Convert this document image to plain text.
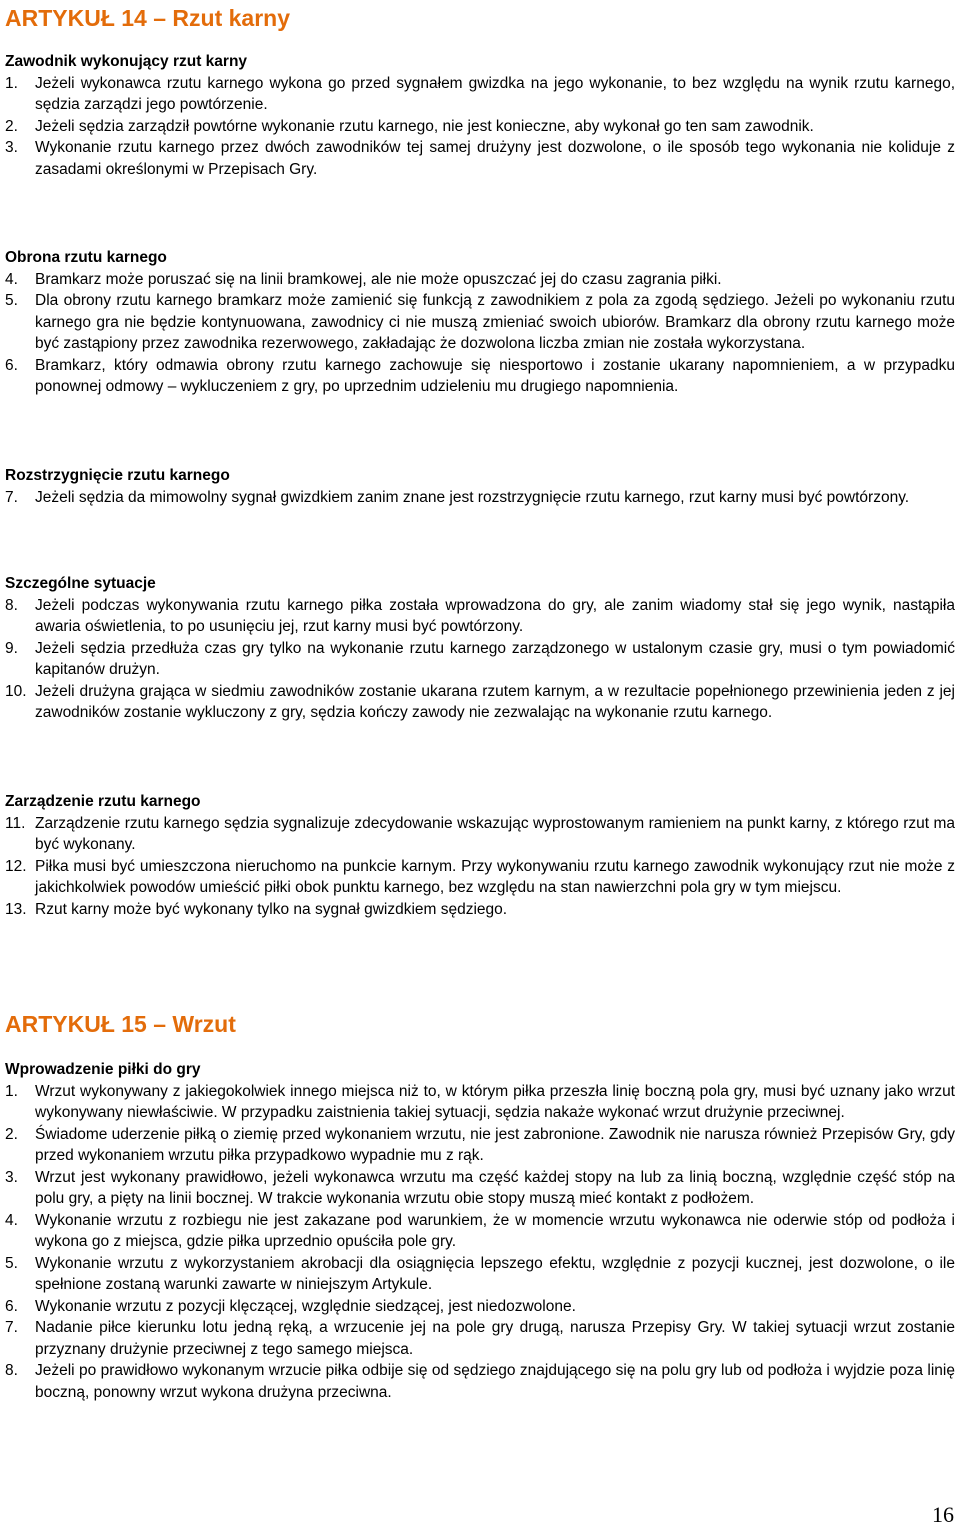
ARTYKUŁ 14 – Rzut karny
Zawodnik wykonujący rzut karny
1. Jeżeli wykonawca rzutu karnego wykona go przed sygnałem gwizdka na jego wykonanie, to bez względu na wynik rzutu karnego, sędzia zarządzi jego powtórzenie.
2. Jeżeli sędzia zarządził powtórne wykonanie rzutu karnego, nie jest konieczne, aby wykonał go ten sam zawodnik.
3. Wykonanie rzutu karnego przez dwóch zawodników tej samej drużyny jest dozwolone, o ile sposób tego wykonania nie koliduje z zasadami określonymi w Przepisach Gry.
Obrona rzutu karnego
4. Bramkarz może poruszać się na linii bramkowej, ale nie może opuszczać jej do czasu zagrania piłki.
5. Dla obrony rzutu karnego bramkarz może zamienić się funkcją z zawodnikiem z pola za zgodą sędziego. Jeżeli po wykonaniu rzutu karnego gra nie będzie kontynuowana, zawodnicy ci nie muszą zmieniać swoich ubiorów. Bramkarz dla obrony rzutu karnego może być zastąpiony przez zawodnika rezerwowego, zakładając że dozwolona liczba zmian nie została wykorzystana.
6. Bramkarz, który odmawia obrony rzutu karnego zachowuje się niesportowo i zostanie ukarany napomnieniem, a w przypadku ponownej odmowy – wykluczeniem z gry, po uprzednim udzieleniu mu drugiego napomnienia.
Rozstrzygnięcie rzutu karnego
7. Jeżeli sędzia da mimowolny sygnał gwizdkiem zanim znane jest rozstrzygnięcie rzutu karnego, rzut karny musi być powtórzony.
Szczególne sytuacje
8. Jeżeli podczas wykonywania rzutu karnego piłka została wprowadzona do gry, ale zanim wiadomy stał się jego wynik, nastąpiła awaria oświetlenia, to po usunięciu jej, rzut karny musi być powtórzony.
9. Jeżeli sędzia przedłuża czas gry tylko na wykonanie rzutu karnego zarządzonego w ustalonym czasie gry, musi o tym powiadomić kapitanów drużyn.
10. Jeżeli drużyna grająca w siedmiu zawodników zostanie ukarana rzutem karnym, a w rezultacie popełnionego przewinienia jeden z jej zawodników zostanie wykluczony z gry, sędzia kończy zawody nie zezwalając na wykonanie rzutu karnego.
Zarządzenie rzutu karnego
11. Zarządzenie rzutu karnego sędzia sygnalizuje zdecydowanie wskazując wyprostowanym ramieniem na punkt karny, z którego rzut ma być wykonany.
12. Piłka musi być umieszczona nieruchomo na punkcie karnym. Przy wykonywaniu rzutu karnego zawodnik wykonujący rzut nie może z jakichkolwiek powodów umieścić piłki obok punktu karnego, bez względu na stan nawierzchni pola gry w tym miejscu.
13. Rzut karny może być wykonany tylko na sygnał gwizdkiem sędziego.
ARTYKUŁ 15 – Wrzut
Wprowadzenie piłki do gry
1. Wrzut wykonywany z jakiegokolwiek innego miejsca niż to, w którym piłka przeszła linię boczną pola gry, musi być uznany jako wrzut wykonywany niewłaściwie. W przypadku zaistnienia takiej sytuacji, sędzia nakaże wykonać wrzut drużynie przeciwnej.
2. Świadome uderzenie piłką o ziemię przed wykonaniem wrzutu, nie jest zabronione. Zawodnik nie narusza również Przepisów Gry, gdy przed wykonaniem wrzutu piłka przypadkowo wypadnie mu z rąk.
3. Wrzut jest wykonany prawidłowo, jeżeli wykonawca wrzutu ma część każdej stopy na lub za linią boczną, względnie część stóp na polu gry, a pięty na linii bocznej. W trakcie wykonania wrzutu obie stopy muszą mieć kontakt z podłożem.
4. Wykonanie wrzutu z rozbiegu nie jest zakazane pod warunkiem, że w momencie wrzutu wykonawca nie oderwie stóp od podłoża i wykona go z miejsca, gdzie piłka uprzednio opuściła pole gry.
5. Wykonanie wrzutu z wykorzystaniem akrobacji dla osiągnięcia lepszego efektu, względnie z pozycji kucznej, jest dozwolone, o ile spełnione zostaną warunki zawarte w niniejszym Artykule.
6. Wykonanie wrzutu z pozycji klęczącej, względnie siedzącej, jest niedozwolone.
7. Nadanie piłce kierunku lotu jedną ręką, a wrzucenie jej na pole gry drugą, narusza Przepisy Gry. W takiej sytuacji wrzut zostanie przyznany drużynie przeciwnej z tego samego miejsca.
8. Jeżeli po prawidłowo wykonanym wrzucie piłka odbije się od sędziego znajdującego się na polu gry lub od podłoża i wyjdzie poza linię boczną, ponowny wrzut wykona drużyna przeciwna.
16
